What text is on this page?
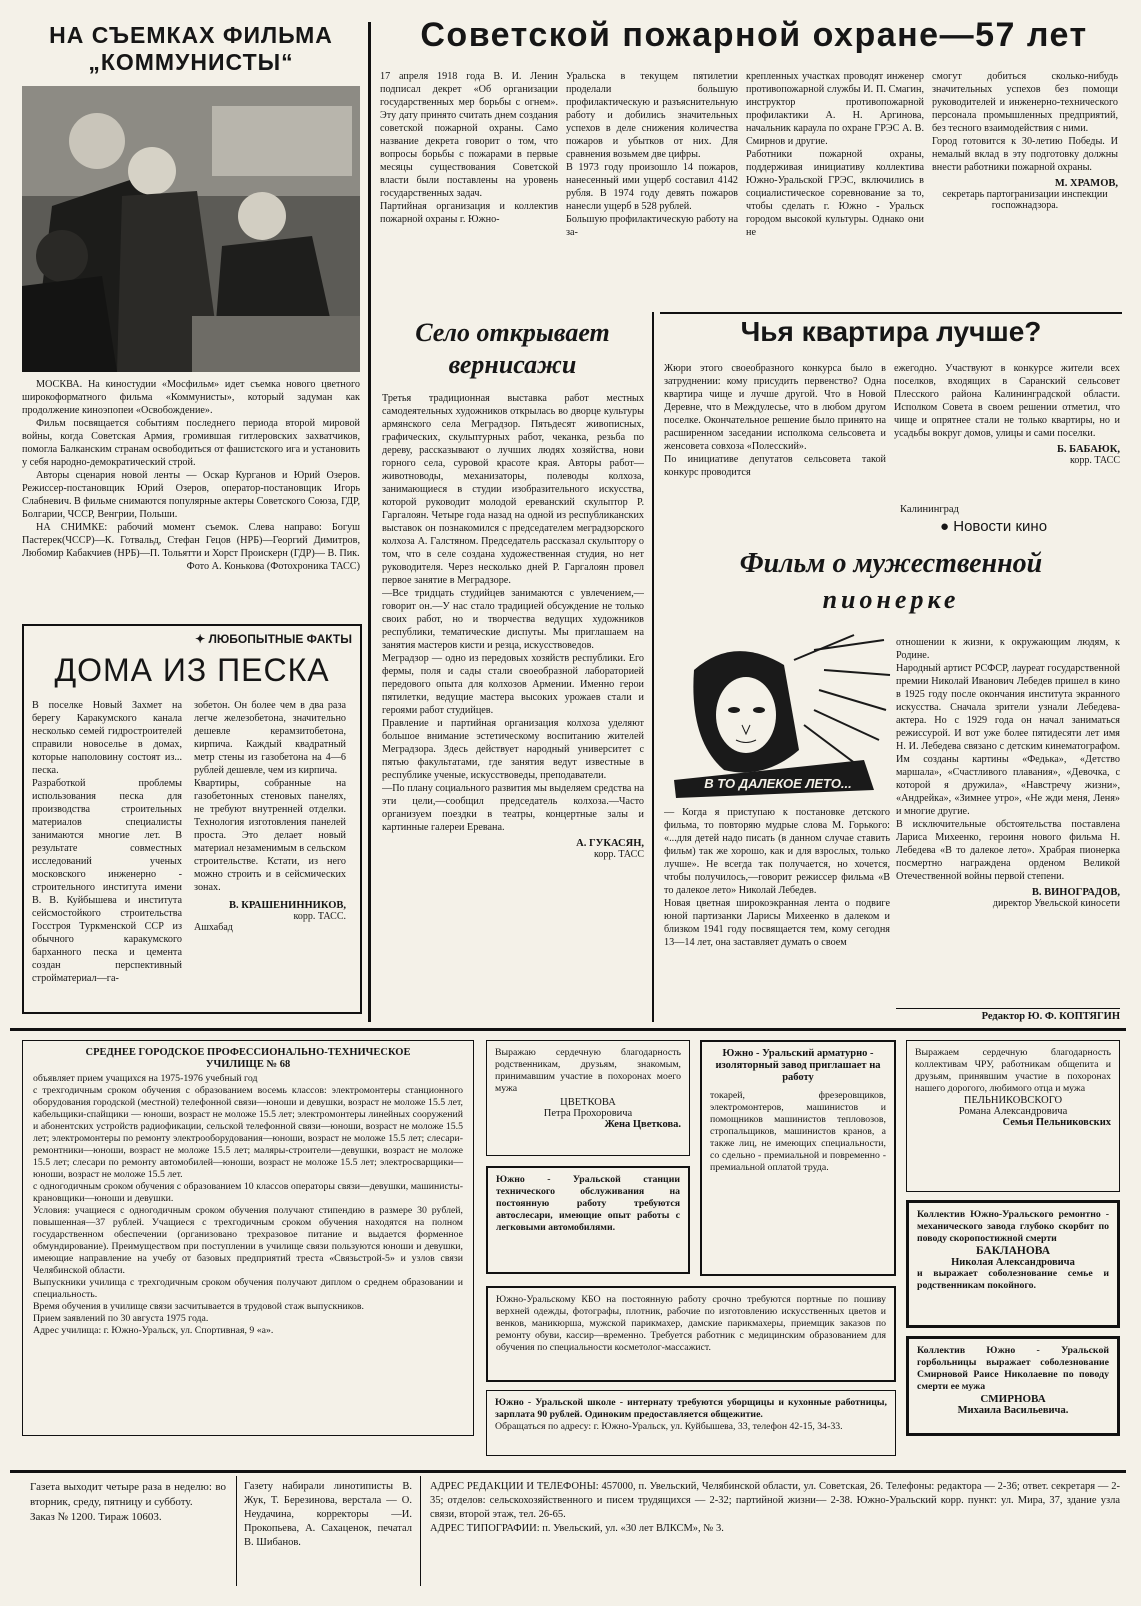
НА СЪЕМКАХ ФИЛЬМА
„КОММУНИСТЫ“

МОСКВА. На киностудии «Мосфильм» идет съемка нового цветного широкоформатного фильма «Коммунисты», который задуман как продолжение киноэпопеи «Освобождение».

Фильм посвящается событиям последнего периода второй мировой войны, когда Советская Армия, громившая гитлеровских захватчиков, помогла Балканским странам освободиться от фашистского ига и установить у себя народно-демократический строй.

Авторы сценария новой ленты — Оскар Курганов и Юрий Озеров. Режиссер-постановщик Юрий Озеров, оператор-постановщик Игорь Слабневич. В фильме снимаются популярные актеры Советского Союза, ГДР, Болгарии, ЧССР, Венгрии, Польши.

НА СНИМКЕ: рабочий момент съемок. Слева направо: Богуш Пастерек(ЧССР)—К. Готвальд, Стефан Гецов (НРБ)—Георгий Димитров, Любомир Кабакчиев (НРБ)—П. Тольятти и Хорст Проискерн (ГДР)— В. Пик.

Фото А. Конькова (Фотохроника ТАСС)
✦ ЛЮБОПЫТНЫЕ ФАКТЫ
ДОМА ИЗ ПЕСКА
В поселке Новый Захмет на берегу Каракумского канала несколько семей гидростроителей справили новоселье в домах, которые наполовину состоят из... песка.
Разработкой проблемы использования песка для производства строительных материалов специалисты занимаются многие лет. В результате совместных исследований ученых московского инженерно - строительного института имени В. В. Куйбышева и института сейсмостойкого строительства Госстроя Туркменской ССР из обычного каракумского барханного песка и цемента создан перспективный стройматериал—га-
зобетон. Он более чем в два раза легче железобетона, значительно дешевле керамзитобетона, кирпича. Каждый квадратный метр стены из газобетона на 4—6 рублей дешевле, чем из кирпича.
Квартиры, собранные на газобетонных стеновых панелях, не требуют внутренней отделки. Технология изготовления панелей проста. Это делает новый материал незаменимым в сельском строительстве. Кстати, из него можно строить и в сейсмических зонах.
В. КРАШЕНИННИКОВ,
корр. ТАСС.
Ашхабад
Советской пожарной охране—57 лет
17 апреля 1918 года В. И. Ленин подписал декрет «Об организации государственных мер борьбы с огнем». Эту дату принято считать днем создания советской пожарной охраны. Само название декрета говорит о том, что вопросы борьбы с пожарами в первые месяцы существования Советской власти были поставлены на уровень государственных задач.
Партийная организация и коллектив пожарной охраны г. Южно-
Уральска в текущем пятилетии проделали большую профилактическую и разъяснительную работу и добились значительных успехов в деле снижения количества пожаров и убытков от них. Для сравнения возьмем две цифры.
В 1973 году произошло 14 пожаров, нанесенный ими ущерб составил 4142 рубля. В 1974 году девять пожаров нанесли ущерб в 528 рублей.
Большую профилактическую работу на за-
крепленных участках проводят инженер противопожарной службы И. П. Смагин, инструктор противопожарной профилактики А. Н. Аргинова, начальник караула по охране ГРЭС А. В. Смирнов и другие.
Работники пожарной охраны, поддерживая инициативу коллектива Южно-Уральской ГРЭС, включились в социалистическое соревнование за то, чтобы сделать г. Южно - Уральск городом высокой культуры. Однако они не
смогут добиться сколько-нибудь значительных успехов без помощи руководителей и инженерно-технического персонала промышленных предприятий, без тесного взаимодействия с ними.
Город готовится к 30-летию Победы. И немалый вклад в эту подготовку должны внести работники пожарной охраны.
М. ХРАМОВ,
секретарь партогранизации инспекции госпожнадзора.
Село открывает
вернисажи
Третья традиционная выставка работ местных самодеятельных художников открылась во дворце культуры армянского села Меградзор. Пятьдесят живописных, графических, скульптурных работ, чеканка, резьба по дереву, рассказывают о лучших людях хозяйства, нови горного села, суровой красоте края. Авторы работ—животноводы, механизаторы, полеводы колхоза, занимающиеся в студии изобразительного искусства, которой руководит молодой ереванский скульптор Р. Гаргалоян. Четыре года назад на одной из республиканских выставок он познакомился с председателем меградзорского колхоза А. Галстяном. Председатель рассказал скульптору о том, что в селе создана художественная студия, но нет руководителя. Через несколько дней Р. Гаргалоян провел первое занятие в Меградзоре.
—Все тридцать студийцев занимаются с увлечением,—говорит он.—У нас стало традицией обсуждение не только своих работ, но и творчества ведущих художников республики, тематические диспуты. Мы приглашаем на занятия мастеров кисти и резца, искусствоведов.
Меградзор — одно из передовых хозяйств республики. Его фермы, поля и сады стали своеобразной лабораторией передового опыта для колхозов Армении. Именно герои пятилетки, ведущие мастера высоких урожаев стали и героями работ студийцев.
Правление и партийная организация колхоза уделяют большое внимание эстетическому воспитанию жителей Меградзора. Здесь действует народный университет с пятью факультатами, где занятия ведут известные в республике ученые, искусствоведы, преподаватели.
—По плану социального развития мы выделяем средства на эти цели,—сообщил председатель колхоза.—Часто организуем поездки в театры, концертные залы и картинные галереи Еревана.
А. ГУКАСЯН,
корр. ТАСС
Чья квартира лучше?
Жюри этого своеобразного конкурса было в затруднении: кому присудить первенство? Одна квартира чище и лучше другой. Что в Новой Деревне, что в Междулесье, что в любом другом поселке. Окончательное решение было принято на расширенном заседании исполкома сельсовета и женсовета совхоза «Полесский».
По инициативе депутатов сельсовета такой конкурс проводится
ежегодно. Участвуют в конкурсе жители всех поселков, входящих в Саранский сельсовет Плесского района Калининградской области. Исполком Совета в своем решении отметил, что чище и опрятнее стали не только квартиры, но и усадьбы вокруг домов, улицы и сами поселки.
Б. БАБАЮК,
корр. ТАСС
Калининград
● Новости кино
Фильм о мужественной
пионерке
В ТО ДАЛЕКОЕ ЛЕТО...
— Когда я приступаю к постановке детского фильма, то повторяю мудрые слова М. Горького: «...для детей надо писать (в данном случае ставить фильм) так же хорошо, как и для взрослых, только лучше». Не всегда так получается, но хочется, чтобы получилось,—говорит режиссер фильма «В то далекое лето» Николай Лебедев.
Новая цветная широкоэкранная лента о подвиге юной партизанки Ларисы Михеенко в далеком и близком 1941 году посвящается тем, кому сегодня 13—14 лет, она заставляет думать о своем
отношении к жизни, к окружающим людям, к Родине.
Народный артист РСФСР, лауреат государственной премии Николай Иванович Лебедев пришел в кино в 1925 году после окончания института экранного искусства. Сначала зрители узнали Лебедева-актера. Но с 1929 года он начал заниматься режиссурой. И вот уже более пятидесяти лет имя Н. И. Лебедева связано с детским кинематографом. Им созданы картины «Федька», «Детство маршала», «Счастливого плавания», «Девочка, с которой я дружила», «Навстречу жизни», «Андрейка», «Зимнее утро», «Не жди меня, Леня» и многие другие.
В исключительные обстоятельства поставлена Лариса Михеенко, героиня нового фильма Н. Лебедева «В то далекое лето». Храбрая пионерка посмертно награждена орденом Великой Отечественной войны первой степени.
В. ВИНОГРАДОВ,
директор Увельской киносети
Редактор Ю. Ф. КОПТЯГИН
СРЕДНЕЕ ГОРОДСКОЕ ПРОФЕССИОНАЛЬНО-ТЕХНИЧЕСКОЕ
УЧИЛИЩЕ № 68
объявляет прием учащихся на 1975-1976 учебный год
с трехгодичным сроком обучения с образованием восемь классов: электромонтеры станционного оборудования городской (местной) телефонной связи—юноши и девушки, возраст не моложе 15.5 лет, кабельщики-спайщики — юноши, возраст не моложе 15.5 лет; электромонтеры линейных сооружений и абонентских устройств радиофикации, сельской телефонной связи—юноши, возраст не моложе 15.5 лет; электромонтеры по ремонту электрооборудования—юноши, возраст не моложе 15.5 лет; слесари-ремонтники—юноши, возраст не моложе 15.5 лет; маляры-строители—девушки, возраст не моложе 15.5 лет; слесари по ремонту автомобилей—юноши, возраст не моложе 15.5 лет; электросварщики—юноши, возраст не моложе 15.5 лет.
с одногодичным сроком обучения с образованием 10 классов операторы связи—девушки, машинисты-крановщики—юноши и девушки.
Условия: учащиеся с одногодичным сроком обучения получают стипендию в размере 30 рублей, повышенная—37 рублей. Учащиеся с трехгодичным сроком обучения находятся на полном государственном обеспечении (организовано трехразовое питание и выдается форменное обмундирование). Преимуществом при поступлении в училище связи пользуются юноши и девушки, имеющие направление на учебу от базовых предприятий треста «Связьстрой-5» и узлов связи Челябинской области.
Выпускники училища с трехгодичным сроком обучения получают диплом о среднем образовании и специальность.
Время обучения в училище связи засчитывается в трудовой стаж выпускников.
Прием заявлений по 30 августа 1975 года.
Адрес училища: г. Южно-Уральск, ул. Спортивная, 9 «а».
Выражаю сердечную благодарность родственникам, друзьям, знакомым, принимавшим участие в похоронах моего мужа
ЦВЕТКОВА
Петра Прохоровича
Жена Цветкова.
Южно - Уральский арматурно - изоляторный завод приглашает на работу
токарей, фрезеровщиков, электромонтеров, машинистов и помощников машинистов тепловозов, стропальщиков, машинистов кранов, а также лиц, не имеющих специальности, со сдельно - премиальной и повременно - премиальной оплатой труда.
Выражаем сердечную благодарность коллективам ЧРУ, работникам общепита и друзьям, принявшим участие в похоронах нашего дорогого, любимого отца и мужа
ПЕЛЬНИКОВСКОГО
Романа Александровича
Семья Пельниковских
Южно - Уральской станции технического обслуживания на постоянную работу требуются автослесари, имеющие опыт работы с легковыми автомобилями.
Коллектив Южно-Уральского ремонтно - механического завода глубоко скорбит по поводу скоропостижной смерти
БАКЛАНОВА
Николая Александровича
и выражает соболезнование семье и родственникам покойного.
Южно-Уральскому КБО на постоянную работу срочно требуются портные по пошиву верхней одежды, фотографы, плотник, рабочие по изготовлению искусственных цветов и венков, маникюрша, мужской парикмахер, дамские парикмахеры, приемщик заказов по ремонту обуви, кассир—временно. Требуется работник с медицинским образованием для обучения по специальности косметолог-массажист.	Коллектив Южно - Уральской горбольницы выражает соболезнование Смирновой Раисе Николаевне по поводу смерти ее мужа
СМИРНОВА
Михаила Васильевича.
Южно - Уральской школе - интернату требуются уборщицы и кухонные работницы, зарплата 90 рублей. Одиноким предоставляется общежитие.
Обращаться по адресу: г. Южно-Уральск, ул. Куйбышева, 33, телефон 42-15, 34-33.
Газета выходит четыре раза в неделю: во вторник, среду, пятницу и субботу.
Заказ № 1200. Тираж 10603.
Газету набирали линотиписты В. Жук, Т. Березинова, верстала — О. Неудачина, корректоры —И. Прокопьева, А. Сахаценок, печатал В. Шибанов.
АДРЕС РЕДАКЦИИ И ТЕЛЕФОНЫ: 457000, п. Увельский, Челябинской области, ул. Советская, 26. Телефоны: редактора — 2-36; ответ. секретаря — 2-35; отделов: сельскохозяйственного и писем трудящихся — 2-32; партийной жизни— 2-38. Южно-Уральский корр. пункт: ул. Мира, 37, здание узла связи, второй этаж, тел. 26-65.
АДРЕС ТИПОГРАФИИ: п. Увельский, ул. «30 лет ВЛКСМ», № 3.
